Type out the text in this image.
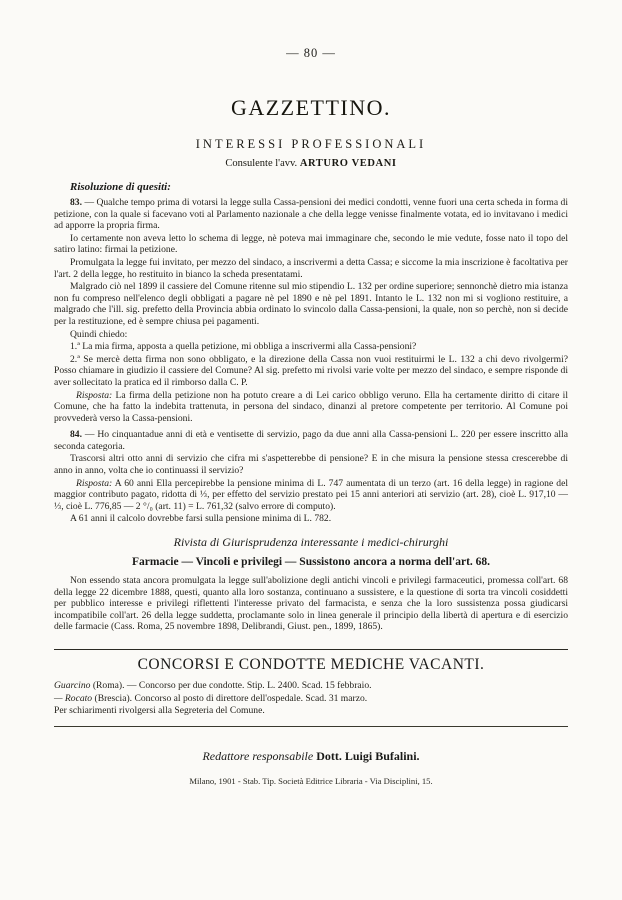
— 80 —
GAZZETTINO.
INTERESSI PROFESSIONALI
Consulente l'avv. ARTURO VEDANI
Risoluzione di quesiti:

83. — Qualche tempo prima di votarsi la legge sulla Cassa-pensioni dei medici condotti, venne fuori una certa scheda in forma di petizione, con la quale si facevano voti al Parlamento nazionale a che della legge venisse finalmente votata, ed io invitavano i medici ad apporre la propria firma.

Io certamente non aveva letto lo schema di legge, nè poteva mai immaginare che, secondo le mie vedute, fosse nato il topo del satiro latino: firmai la petizione.

Promulgata la legge fui invitato, per mezzo del sindaco, a inscrivermi a detta Cassa; e siccome la mia inscrizione è facoltativa per l'art. 2 della legge, ho restituito in bianco la scheda presentatami.

Malgrado ciò nel 1899 il cassiere del Comune ritenne sul mio stipendio L. 132 per ordine superiore; sennonchè dietro mia istanza non fu compreso nell'elenco degli obbligati a pagare nè pel 1890 e nè pel 1891. Intanto le L. 132 non mi si vogliono restituire, a malgrado che l'ill. sig. prefetto della Provincia abbia ordinato lo svincolo dalla Cassa-pensioni, la quale, non so perchè, non si decide per la restituzione, ed è sempre chiusa pei pagamenti.

Quindi chiedo:

1.ª La mia firma, apposta a quella petizione, mi obbliga a inscrivermi alla Cassa-pensioni?

2.ª Se mercè detta firma non sono obbligato, e la direzione della Cassa non vuoi restituirmi le L. 132 a chi devo rivolgermi? Posso chiamare in giudizio il cassiere del Comune? Al sig. prefetto mi rivolsi varie volte per mezzo del sindaco, e sempre risponde di aver sollecitato la pratica ed il rimborso dalla C. P.

Risposta: La firma della petizione non ha potuto creare a di Lei carico obbligo veruno. Ella ha certamente diritto di citare il Comune, che ha fatto la indebita trattenuta, in persona del sindaco, dinanzi al pretore competente per territorio. Al Comune poi provvederà verso la Cassa-pensioni.

84. — Ho cinquantadue anni di età e ventisette di servizio, pago da due anni alla Cassa-pensioni L. 220 per essere inscritto alla seconda categoria.

Trascorsi altri otto anni di servizio che cifra mi s'aspetterebbe di pensione? E in che misura la pensione stessa crescerebbe di anno in anno, volta che io continuassi il servizio?

Risposta: A 60 anni Ella percepirebbe la pensione minima di L. 747 aumentata di un terzo (art. 16 della legge) in ragione del maggior contributo pagato, ridotta di ⅓, per effetto del servizio prestato pei 15 anni anteriori ati servizio (art. 28), cioè L. 917,10 — ⅓, cioè L. 776,85 — 2 °/₀ (art. 11) = L. 761,32 (salvo errore di computo).

A 61 anni il calcolo dovrebbe farsi sulla pensione minima di L. 782.

Rivista di Giurisprudenza interessante i medici-chirurghi
Farmacie — Vincoli e privilegi — Sussistono ancora a norma dell'art. 68.

Non essendo stata ancora promulgata la legge sull'abolizione degli antichi vincoli e privilegi farmaceutici, promessa coll'art. 68 della legge 22 dicembre 1888, questi, quanto alla loro sostanza, continuano a sussistere, e la questione di sorta tra vincoli cosiddetti per pubblico interesse e privilegi riflettenti l'interesse privato del farmacista, e senza che la loro sussistenza possa giudicarsi incompatibile coll'art. 26 della legge suddetta, proclamante solo in linea generale il principio della libertà di apertura e di esercizio delle farmacie (Cass. Roma, 25 novembre 1898, Delibrandi, Giust. pen., 1899, 1865).

CONCORSI E CONDOTTE MEDICHE VACANTI.

Guarcino (Roma). — Concorso per due condotte. Stip. L. 2400. Scad. 15 febbraio.

— Rocato (Brescia). Concorso al posto di direttore dell'ospedale. Scad. 31 marzo.

Per schiarimenti rivolgersi alla Segreteria del Comune.

Redattore responsabile Dott. Luigi Bufalini.
Milano, 1901 - Stab. Tip. Società Editrice Libraria - Via Disciplini, 15.
